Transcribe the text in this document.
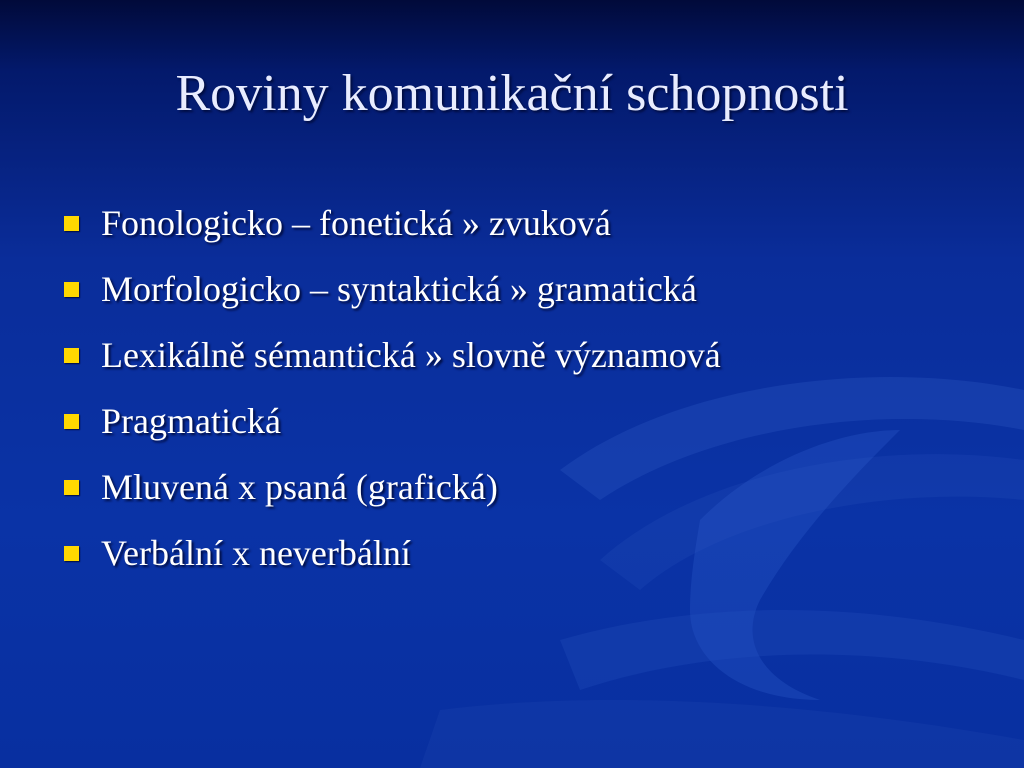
Roviny komunikační schopnosti
Fonologicko – fonetická » zvuková
Morfologicko – syntaktická » gramatická
Lexikálně sémantická » slovně významová
Pragmatická
Mluvená x psaná (grafická)
Verbální x neverbální
